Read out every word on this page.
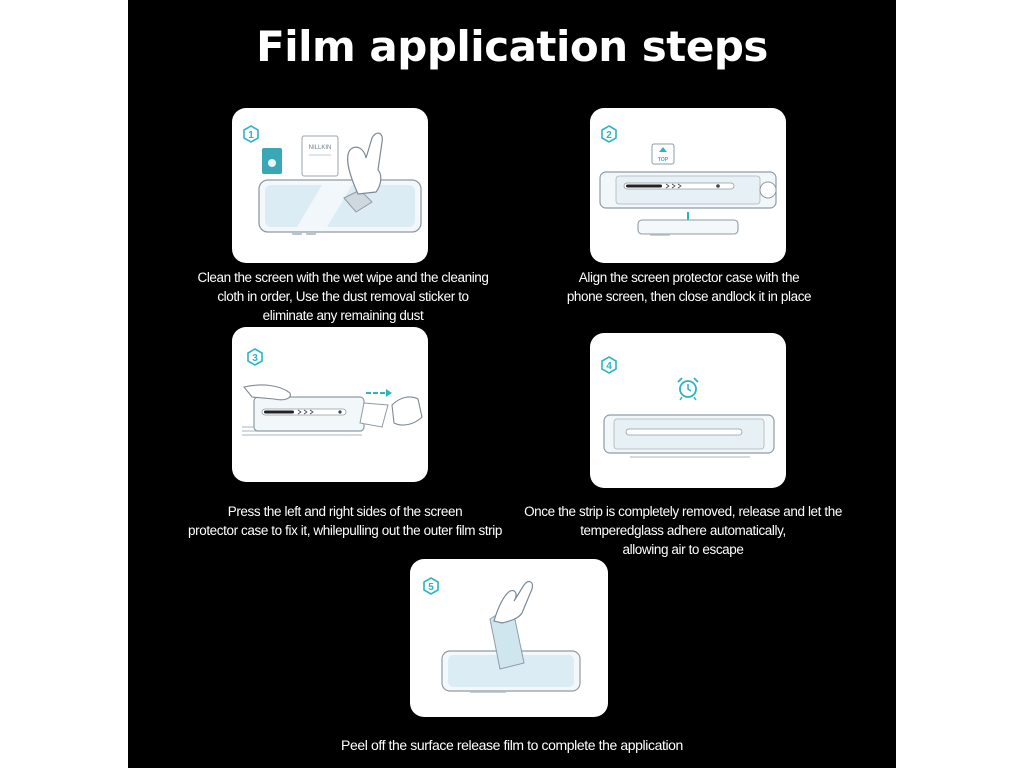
Film application steps
1
NILLKIN
Clean the screen with the wet wipe and the cleaning
cloth in order, Use the dust removal sticker to
eliminate any remaining dust
2
TOP
Align the screen protector case with the
phone screen, then close andlock it in place
3
Press the left and right sides of the screen
protector case to fix it, whilepulling out the outer film strip
4
Once the strip is completely removed, release and let the
temperedglass adhere automatically,
allowing air to escape
5
Peel off the surface release film to complete the application
